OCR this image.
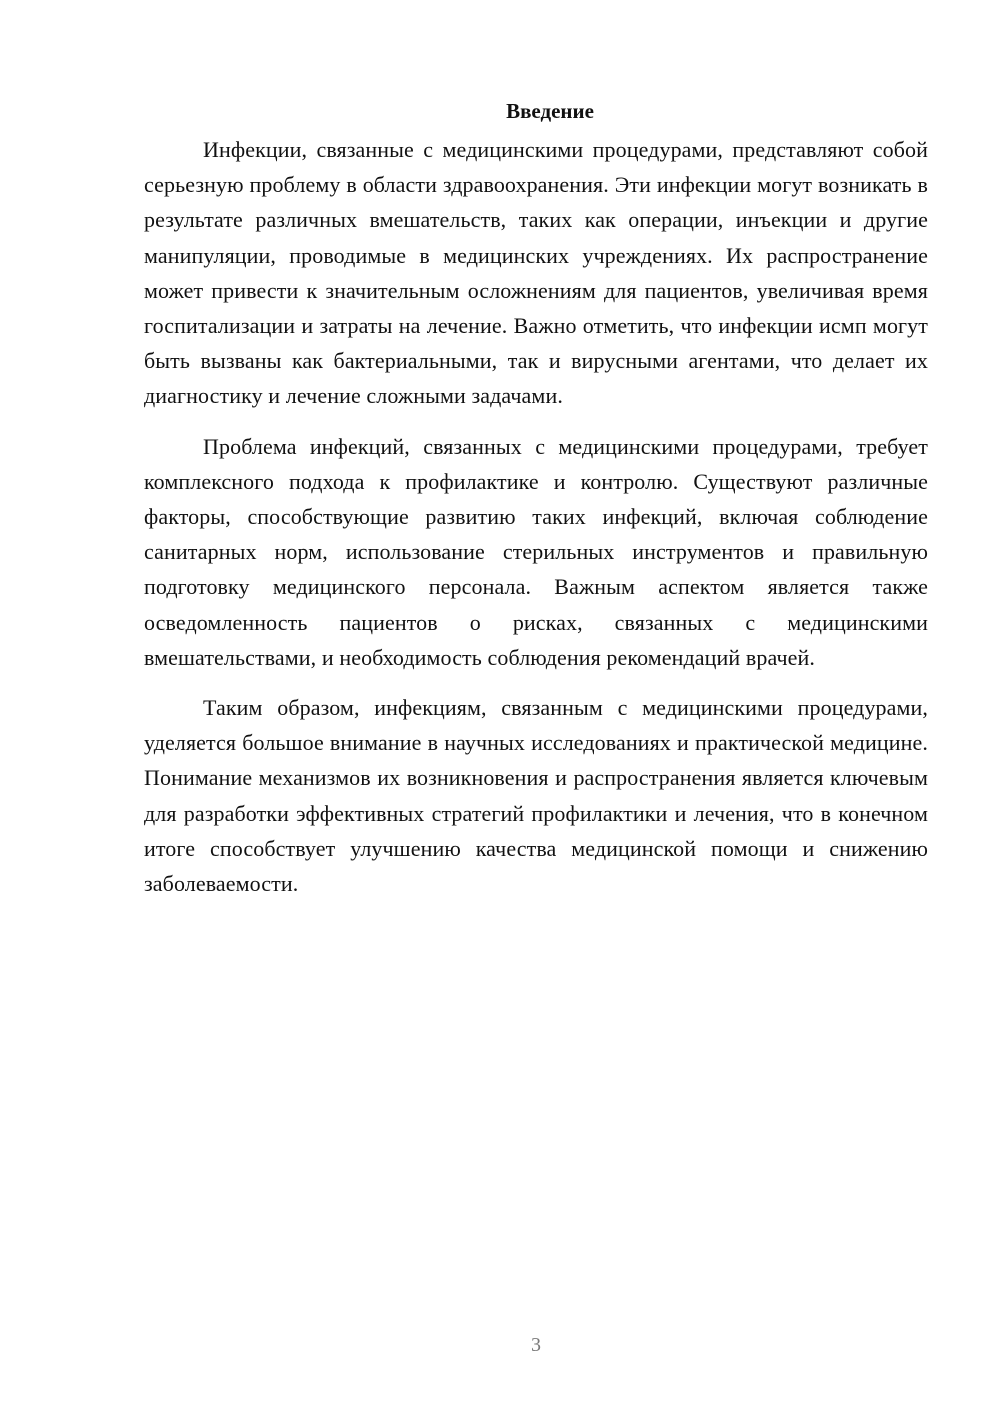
Введение

Инфекции, связанные с медицинскими процедурами, представляют собой серьезную проблему в области здравоохранения. Эти инфекции могут возникать в результате различных вмешательств, таких как операции, инъекции и другие манипуляции, проводимые в медицинских учреждениях. Их распространение может привести к значительным осложнениям для пациентов, увеличивая время госпитализации и затраты на лечение. Важно отметить, что инфекции исмп могут быть вызваны как бактериальными, так и вирусными агентами, что делает их диагностику и лечение сложными задачами.

Проблема инфекций, связанных с медицинскими процедурами, требует комплексного подхода к профилактике и контролю. Существуют различные факторы, способствующие развитию таких инфекций, включая соблюдение санитарных норм, использование стерильных инструментов и правильную подготовку медицинского персонала. Важным аспектом является также осведомленность пациентов о рисках, связанных с медицинскими вмешательствами, и необходимость соблюдения рекомендаций врачей.

Таким образом, инфекциям, связанным с медицинскими процедурами, уделяется большое внимание в научных исследованиях и практической медицине. Понимание механизмов их возникновения и распространения является ключевым для разработки эффективных стратегий профилактики и лечения, что в конечном итоге способствует улучшению качества медицинской помощи и снижению заболеваемости.

3
